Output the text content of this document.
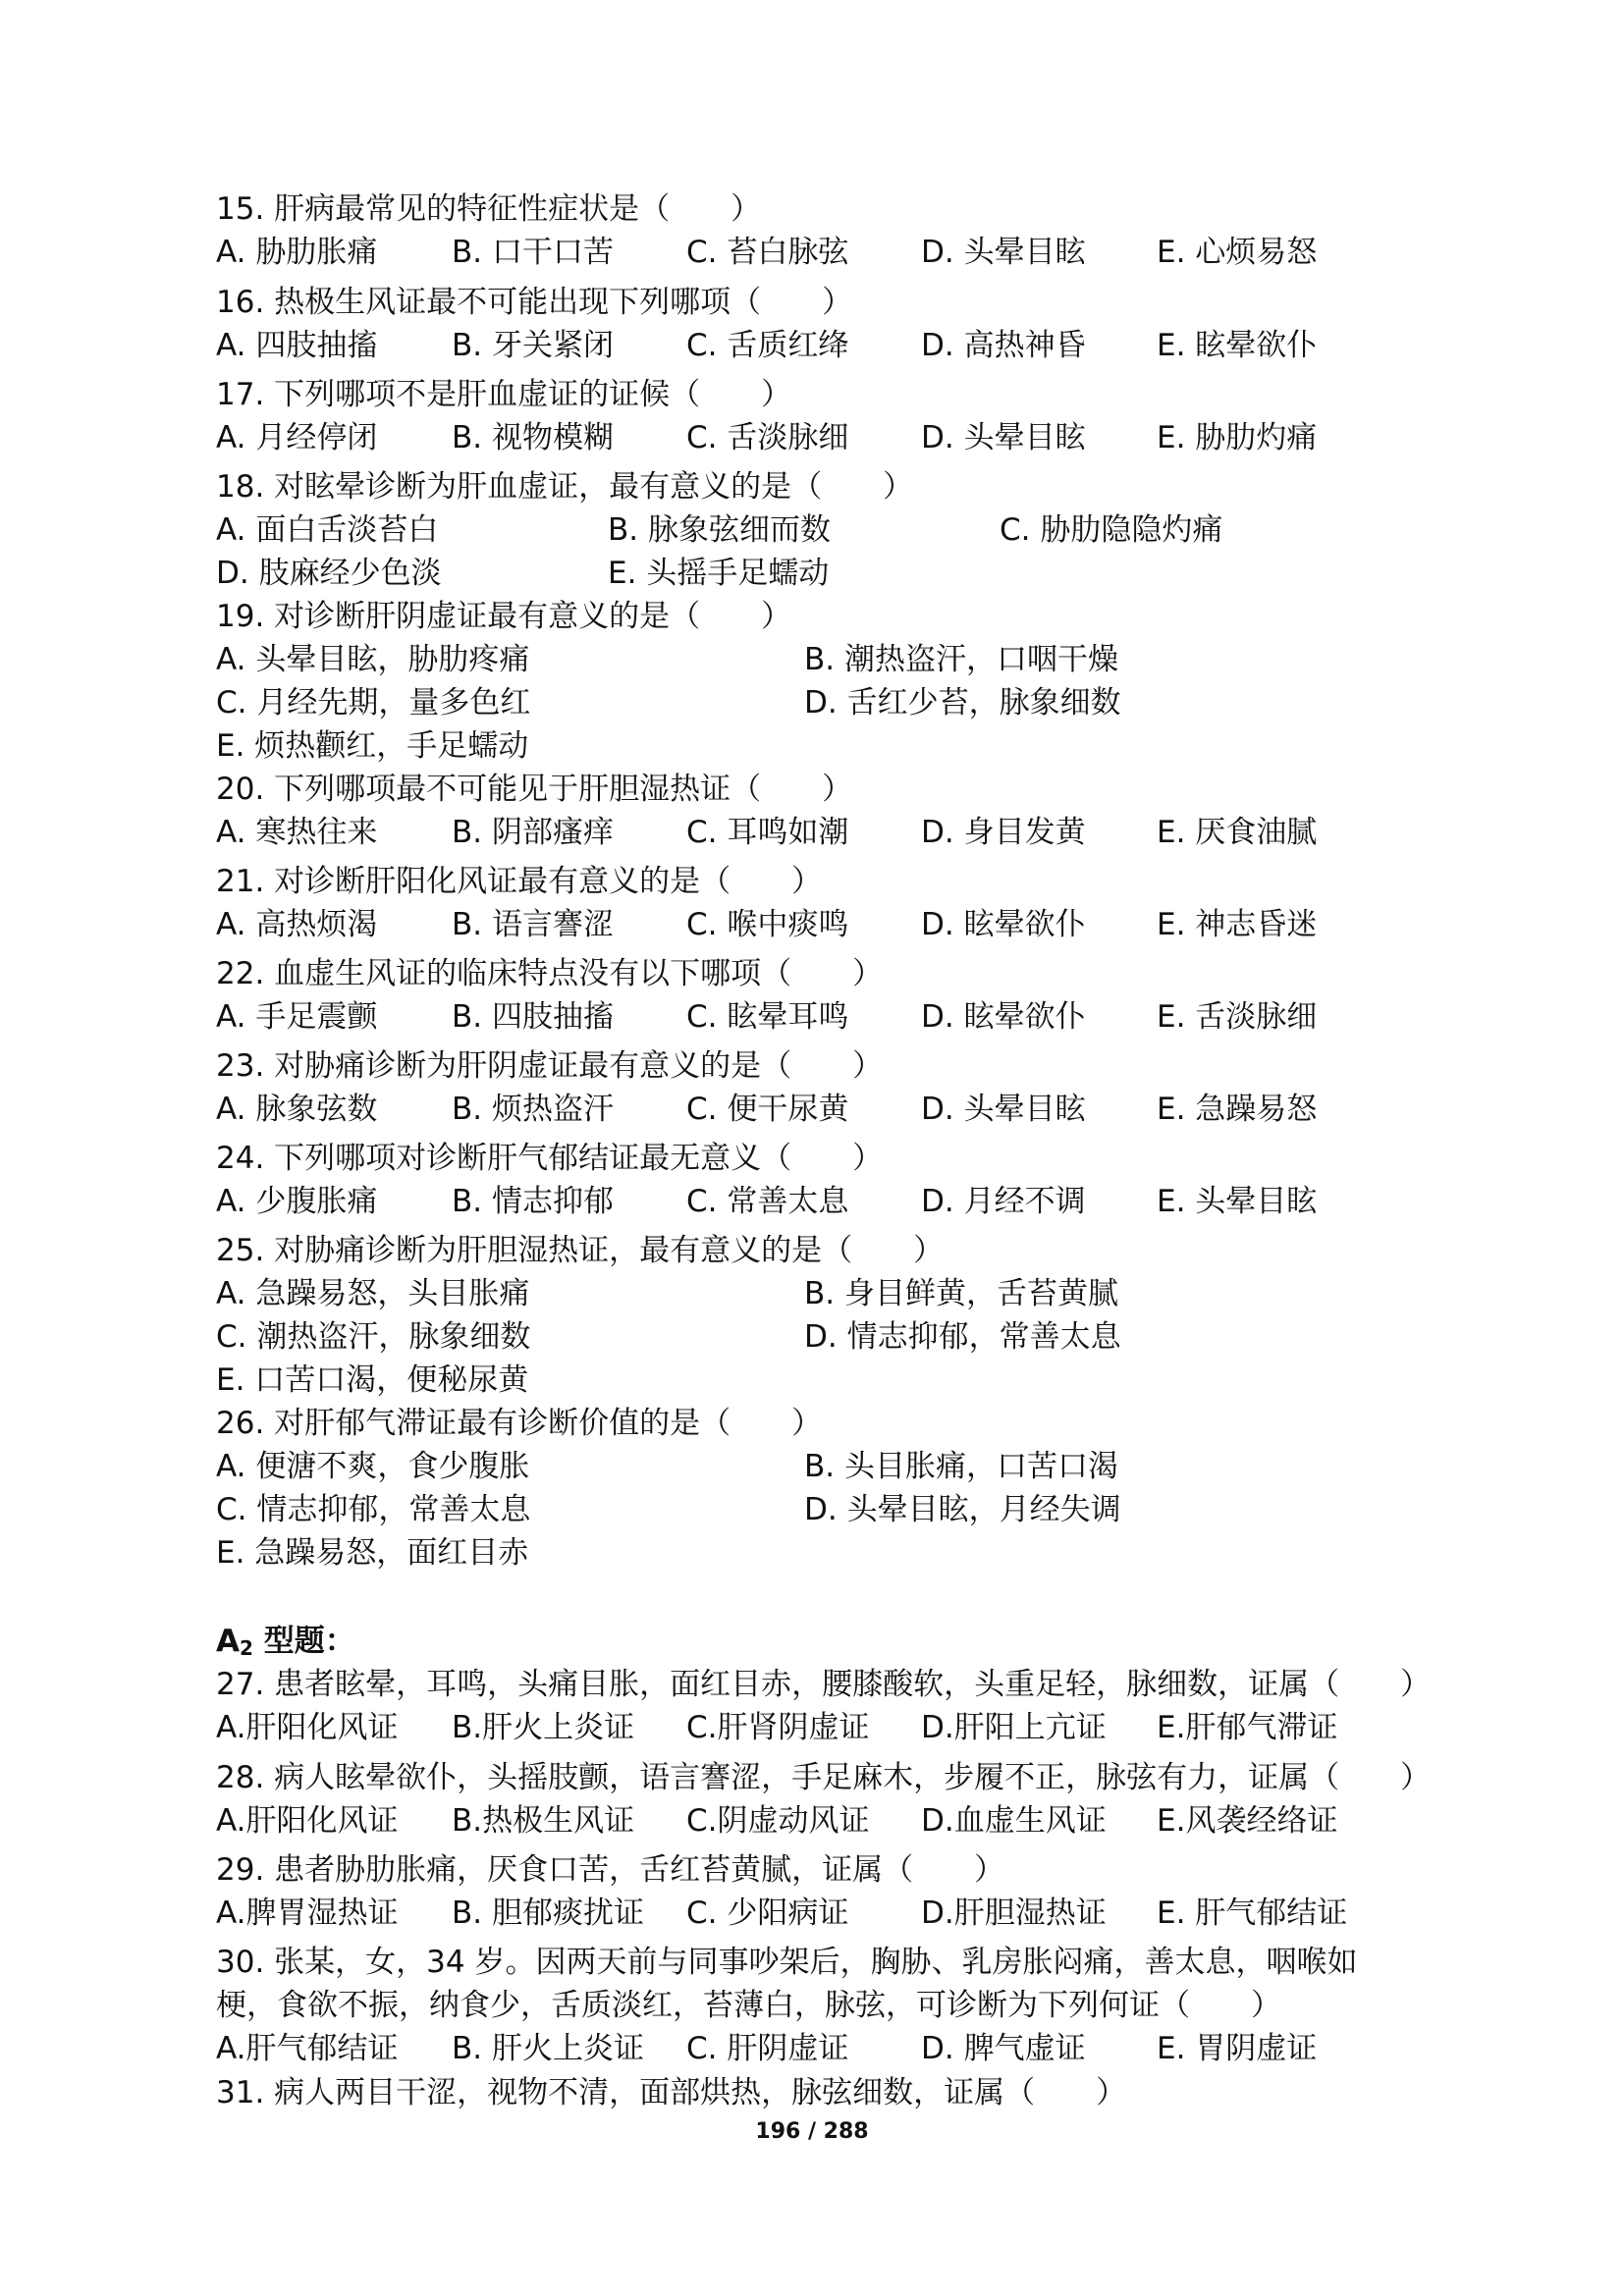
15. 肝病最常见的特征性症状是（　　）
A. 胁肋胀痛 B. 口干口苦 C. 苔白脉弦 D. 头晕目眩 E. 心烦易怒
16. 热极生风证最不可能出现下列哪项（　　）
A. 四肢抽搐 B. 牙关紧闭 C. 舌质红绛 D. 高热神昏 E. 眩晕欲仆
17. 下列哪项不是肝血虚证的证候（　　）
A. 月经停闭 B. 视物模糊 C. 舌淡脉细 D. 头晕目眩 E. 胁肋灼痛
18. 对眩晕诊断为肝血虚证，最有意义的是（　　）
A. 面白舌淡苔白	B. 脉象弦细而数	C. 胁肋隐隐灼痛
D. 肢麻经少色淡	E. 头摇手足蠕动
19. 对诊断肝阴虚证最有意义的是（　　）
A. 头晕目眩，胁肋疼痛	B. 潮热盗汗，口咽干燥
C. 月经先期，量多色红	D. 舌红少苔，脉象细数
E. 烦热颧红，手足蠕动
20. 下列哪项最不可能见于肝胆湿热证（　　）
A. 寒热往来 B. 阴部瘙痒 C. 耳鸣如潮 D. 身目发黄 E. 厌食油腻
21. 对诊断肝阳化风证最有意义的是（　　）
A. 高热烦渴 B. 语言謇涩 C. 喉中痰鸣 D. 眩晕欲仆 E. 神志昏迷
22. 血虚生风证的临床特点没有以下哪项（　　）
A. 手足震颤 B. 四肢抽搐 C. 眩晕耳鸣 D. 眩晕欲仆 E. 舌淡脉细
23. 对胁痛诊断为肝阴虚证最有意义的是（　　）
A. 脉象弦数 B. 烦热盗汗 C. 便干尿黄 D. 头晕目眩 E. 急躁易怒
24. 下列哪项对诊断肝气郁结证最无意义（　　）
A. 少腹胀痛 B. 情志抑郁 C. 常善太息 D. 月经不调 E. 头晕目眩
25. 对胁痛诊断为肝胆湿热证，最有意义的是（　　）
A. 急躁易怒，头目胀痛	B. 身目鲜黄，舌苔黄腻
C. 潮热盗汗，脉象细数	D. 情志抑郁，常善太息
E. 口苦口渴，便秘尿黄
26. 对肝郁气滞证最有诊断价值的是（　　）
A. 便溏不爽，食少腹胀	B. 头目胀痛，口苦口渴
C. 情志抑郁，常善太息	D. 头晕目眩，月经失调
E. 急躁易怒，面红目赤
$A_2$ 型题：
27. 患者眩晕，耳鸣，头痛目胀，面红目赤，腰膝酸软，头重足轻，脉细数，证属（　　）
A.肝阳化风证 B.肝火上炎证 C.肝肾阴虚证 D.肝阳上亢证 E.肝郁气滞证
28. 病人眩晕欲仆，头摇肢颤，语言謇涩，手足麻木，步履不正，脉弦有力，证属（　　）
A.肝阳化风证 B.热极生风证 C.阴虚动风证 D.血虚生风证 E.风袭经络证
29. 患者胁肋胀痛，厌食口苦，舌红苔黄腻，证属（　　）
A.脾胃湿热证 B. 胆郁痰扰证 C. 少阳病证 D.肝胆湿热证 E. 肝气郁结证
30. 张某，女，34 岁。因两天前与同事吵架后，胸胁、乳房胀闷痛，善太息，咽喉如
梗，食欲不振，纳食少，舌质淡红，苔薄白，脉弦，可诊断为下列何证（　　）
A.肝气郁结证 B. 肝火上炎证 C. 肝阴虚证 D. 脾气虚证 E. 胃阴虚证
31. 病人两目干涩，视物不清，面部烘热，脉弦细数，证属（　　）
196 / 288
